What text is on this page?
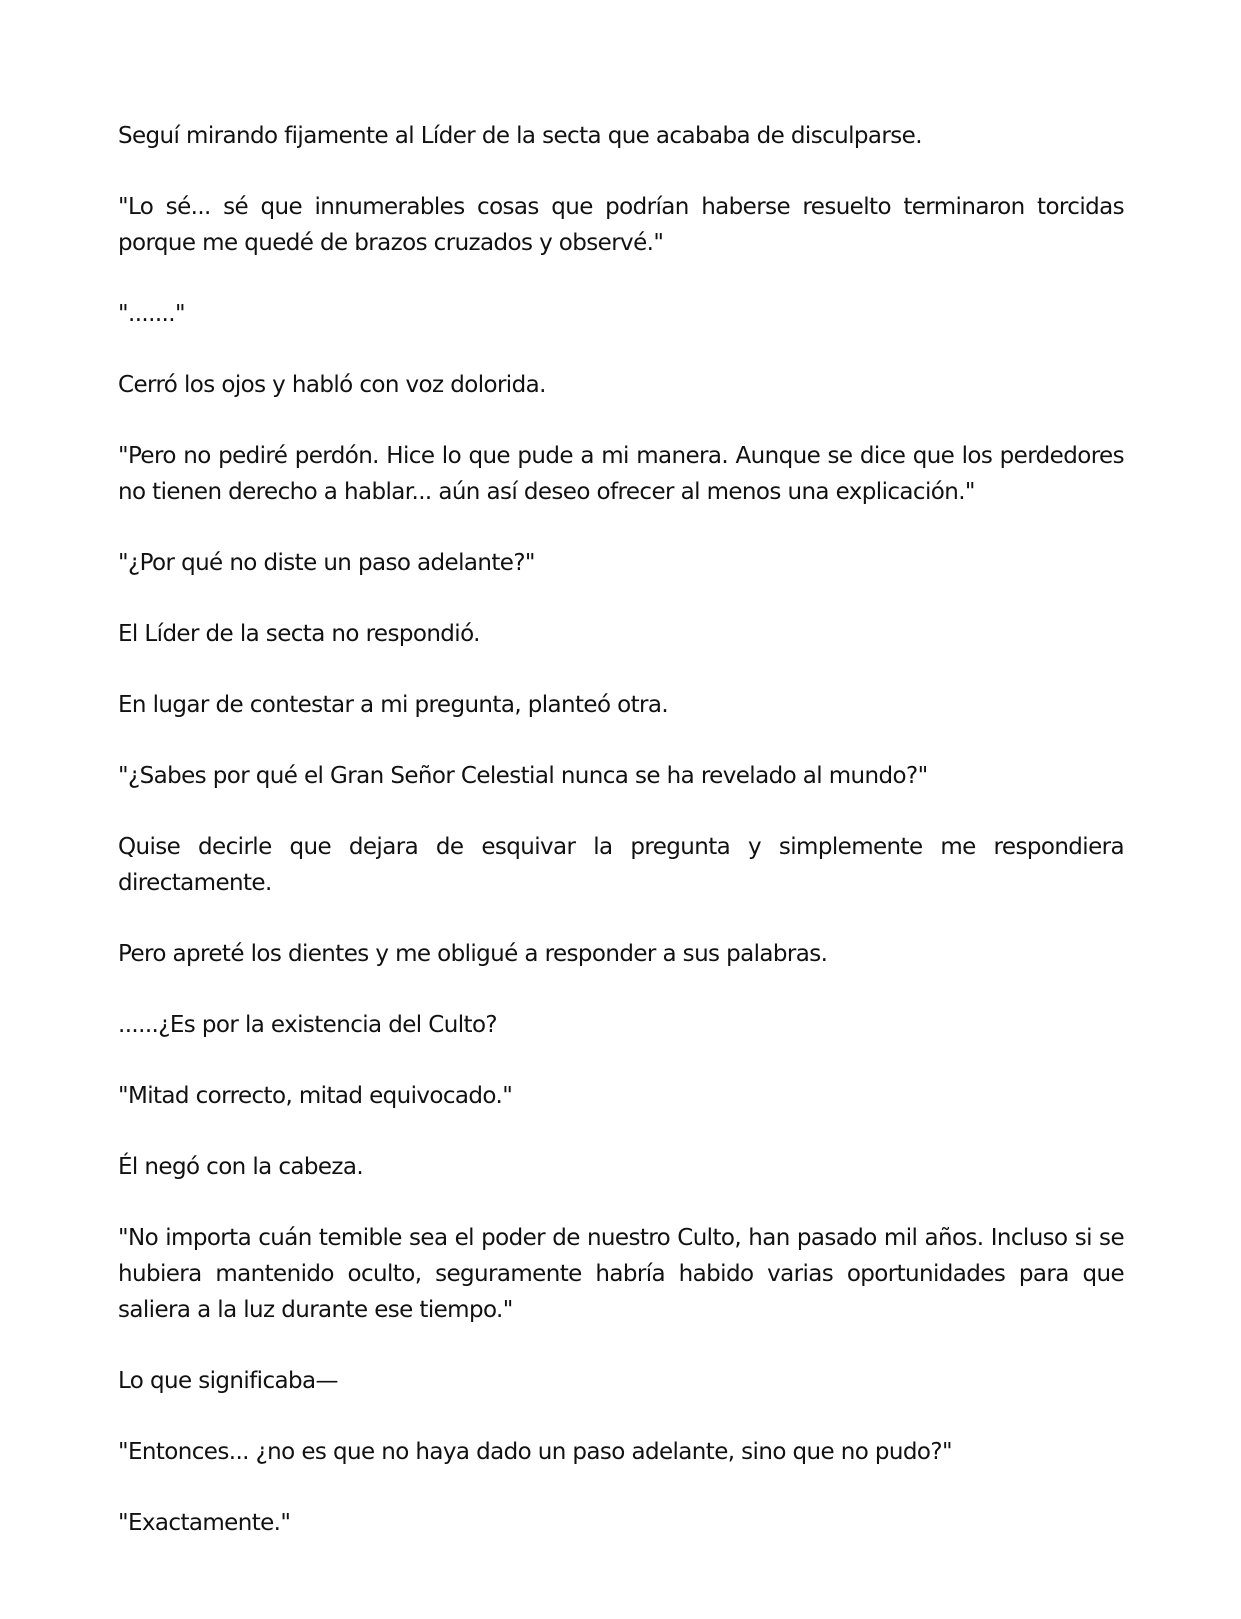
Seguí mirando fijamente al Líder de la secta que acababa de disculparse.

"Lo sé... sé que innumerables cosas que podrían haberse resuelto terminaron torcidas porque me quedé de brazos cruzados y observé."

"......."

Cerró los ojos y habló con voz dolorida.

"Pero no pediré perdón. Hice lo que pude a mi manera. Aunque se dice que los perdedores no tienen derecho a hablar... aún así deseo ofrecer al menos una explicación."

"¿Por qué no diste un paso adelante?"

El Líder de la secta no respondió.

En lugar de contestar a mi pregunta, planteó otra.

"¿Sabes por qué el Gran Señor Celestial nunca se ha revelado al mundo?"

Quise decirle que dejara de esquivar la pregunta y simplemente me respondiera directamente.

Pero apreté los dientes y me obligué a responder a sus palabras.

......¿Es por la existencia del Culto?

"Mitad correcto, mitad equivocado."

Él negó con la cabeza.

"No importa cuán temible sea el poder de nuestro Culto, han pasado mil años. Incluso si se hubiera mantenido oculto, seguramente habría habido varias oportunidades para que saliera a la luz durante ese tiempo."

Lo que significaba—

"Entonces... ¿no es que no haya dado un paso adelante, sino que no pudo?"

"Exactamente."
